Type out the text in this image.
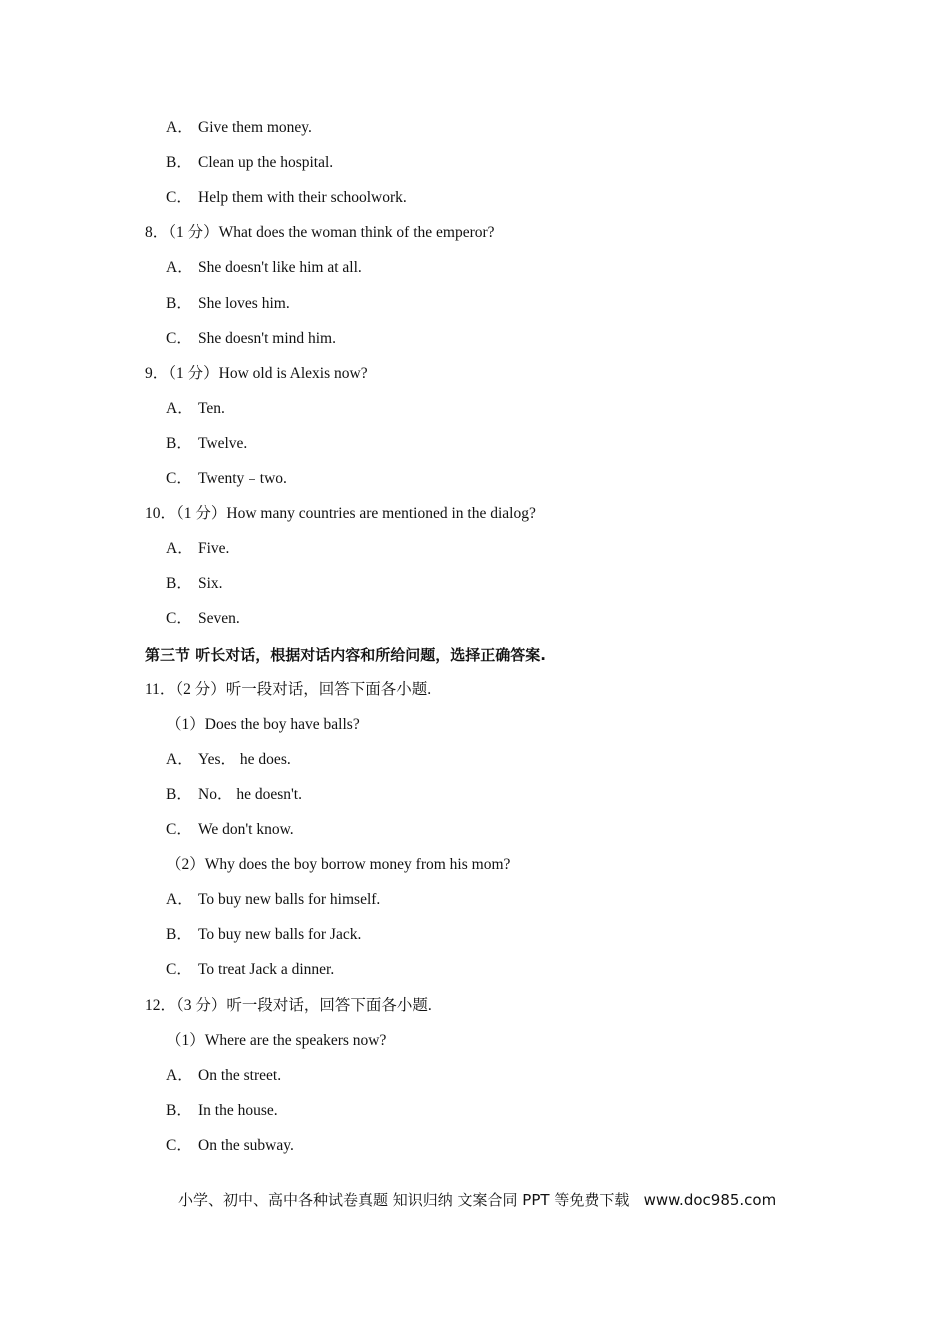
A． Give them money.
B． Clean up the hospital.
C． Help them with their schoolwork.
8．（1 分）What does the woman think of the emperor?
A． She doesn't like him at all.
B． She loves him.
C． She doesn't mind him.
9．（1 分）How old is Alexis now?
A． Ten.
B． Twelve.
C． Twenty﹣two.
10．（1 分）How many countries are mentioned in the dialog?
A． Five.
B． Six.
C． Seven.
第三节 听长对话，根据对话内容和所给问题，选择正确答案.
11．（2 分）听一段对话，回答下面各小题.
（1）Does the boy have balls?
A． Yes． he does.
B． No． he doesn't.
C． We don't know.
（2）Why does the boy borrow money from his mom?
A． To buy new balls for himself.
B． To buy new balls for Jack.
C． To treat Jack a dinner.
12．（3 分）听一段对话，回答下面各小题.
（1）Where are the speakers now?
A． On the street.
B． In the house.
C． On the subway.
小学、初中、高中各种试卷真题 知识归纳 文案合同 PPT 等免费下载   www.doc985.com
